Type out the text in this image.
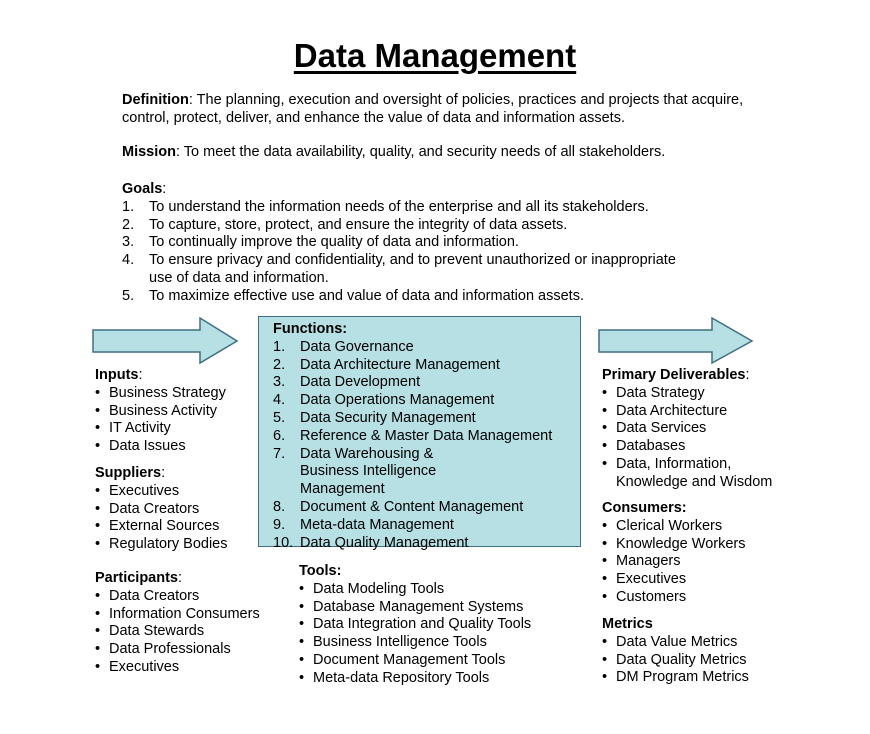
Data Management
Definition: The planning, execution and oversight of policies, practices and projects that acquire, control, protect, deliver, and enhance the value of data and information assets.
Mission: To meet the data availability, quality, and security needs of all stakeholders.
Goals:
1. To understand the information needs of the enterprise and all its stakeholders.
2. To capture, store, protect, and ensure the integrity of data assets.
3. To continually improve the quality of data and information.
4. To ensure privacy and confidentiality, and to prevent unauthorized or inappropriate use of data and information.
5. To maximize effective use and value of data and information assets.
Functions:
1. Data Governance
2. Data Architecture Management
3. Data Development
4. Data Operations Management
5. Data Security Management
6. Reference & Master Data Management
7. Data Warehousing & Business Intelligence Management
8. Document & Content Management
9. Meta-data Management
10. Data Quality Management
Inputs:
• Business Strategy
• Business Activity
• IT Activity
• Data Issues
Suppliers:
• Executives
• Data Creators
• External Sources
• Regulatory Bodies
Participants:
• Data Creators
• Information Consumers
• Data Stewards
• Data Professionals
• Executives
Tools:
• Data Modeling Tools
• Database Management Systems
• Data Integration and Quality Tools
• Business Intelligence Tools
• Document Management Tools
• Meta-data Repository Tools
Primary Deliverables:
• Data Strategy
• Data Architecture
• Data Services
• Databases
• Data, Information, Knowledge and Wisdom
Consumers:
• Clerical Workers
• Knowledge Workers
• Managers
• Executives
• Customers
Metrics
• Data Value Metrics
• Data Quality Metrics
• DM Program Metrics
